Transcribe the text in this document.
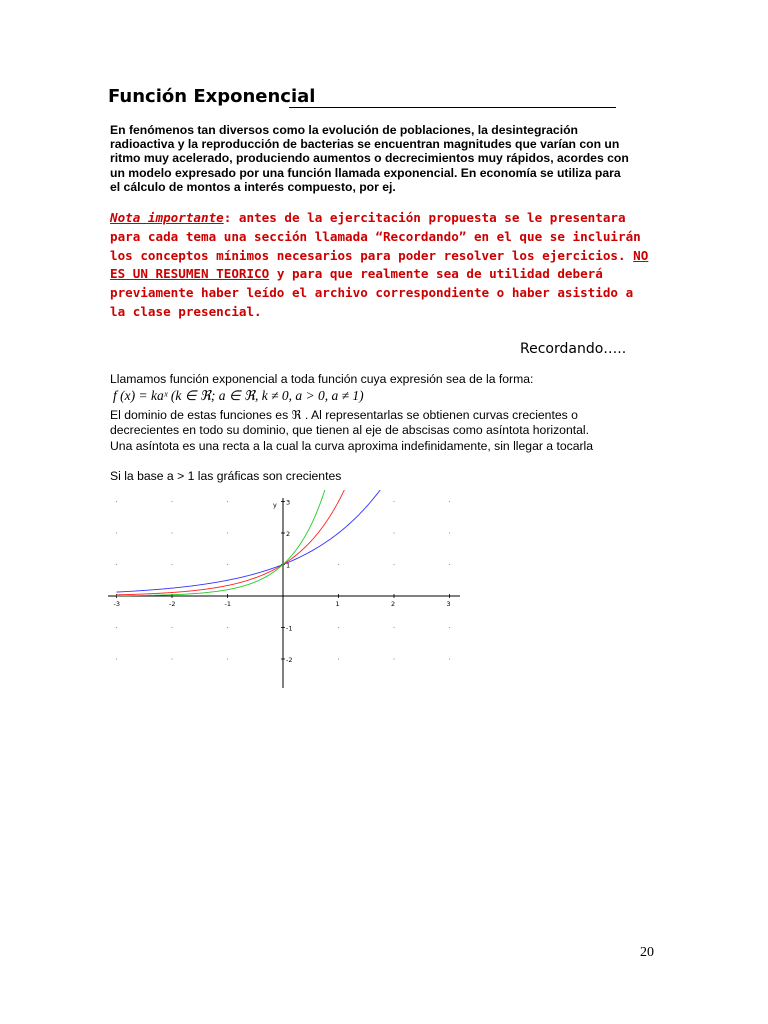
Función Exponencial
En fenómenos tan diversos como la evolución de poblaciones, la desintegración radioactiva y la reproducción de bacterias se encuentran magnitudes que varían con un ritmo muy acelerado, produciendo aumentos o decrecimientos muy rápidos, acordes con un modelo expresado por una función llamada exponencial. En economía se utiliza para el cálculo de montos a interés compuesto, por ej.
Nota importante: antes de la ejercitación propuesta se le presentara para cada tema una sección llamada “Recordando” en el que se incluirán los conceptos mínimos necesarios para poder resolver los ejercicios. NO ES UN RESUMEN TEORICO y para que realmente sea de utilidad deberá previamente haber leído el archivo correspondiente o haber asistido a la clase presencial.
Recordando…..
Llamamos función exponencial a toda función cuya expresión sea de la forma:
f (x) = kaˣ (k ∈ ℜ; a ∈ ℜ, k ≠ 0, a > 0, a ≠ 1)
El dominio de estas funciones es ℜ . Al representarlas se obtienen curvas crecientes o decrecientes en todo su dominio, que tienen al eje de abscisas como asíntota horizontal.
Una asíntota es una recta a la cual la curva aproxima indefinidamente, sin llegar a tocarla
Si la base a > 1 las gráficas son crecientes
y
-3	-2	-1	1	2	3
3
2
1
-1
-2
20
